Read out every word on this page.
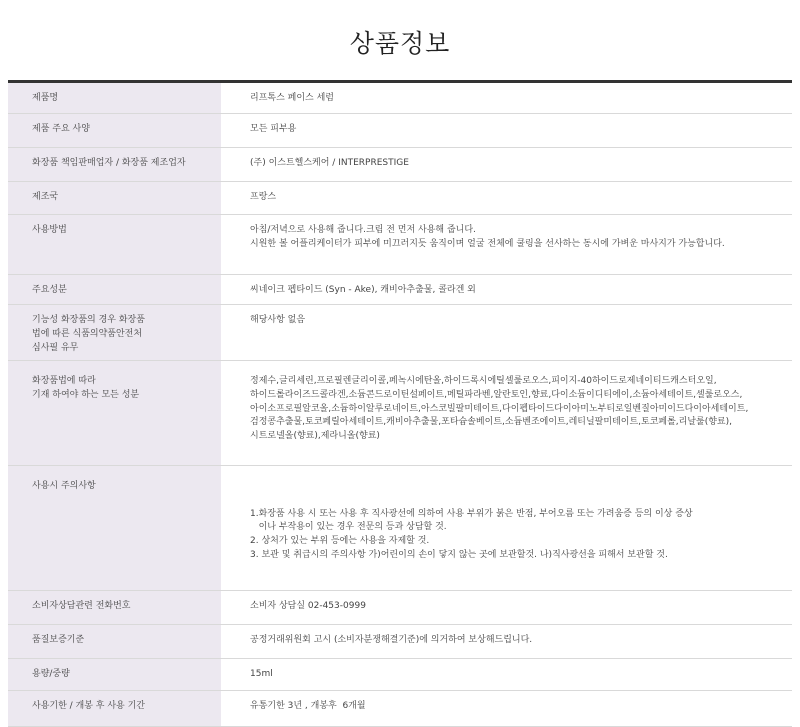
상품정보
제품명	리프톡스 페이스 세럼

제품 주요 사양	모든 피부용

화장품 책임판매업자 / 화장품 제조업자	(주) 이스트헬스케어 / INTERPRESTIGE

제조국	프랑스

사용방법	아침/저녁으로 사용해 줍니다.크림 전 먼저 사용해 줍니다.
시원한 볼 어플리케이터가 피부에 미끄러지듯 움직이며 얼굴 전체에 쿨링을 선사하는 동시에 가벼운 마사지가 가능합니다.

주요성분	씨네이크 펩타이드 (Syn - Ake), 캐비아추출물, 콜라겐 외

기능성 화장품의 경우 화장품
법에 따른 식품의약품안전처
심사필 유무	해당사항 없음

화장품법에 따라
기재 하여야 하는 모든 성분	정제수,글리세린,프로필렌글리이콜,페녹시에탄올,하이드록시에틸셀룰로오스,피이지-40하이드로제네이티드캐스터오일,
하이드롤라이즈드콜라겐,소듐콘드로이틴설페이트,메틸파라벤,알란토인,향료,다이소듐이디티에이,소듐아세테이트,셀룰로오스,
아이소프로필알코올,소듐하이알루로네이트,아스코빌팔미테이트,다이펩타이드다이아미노부티로일벤질아미이드다이아세테이트,
검정콩추출물,토코페릴아세테이트,캐비아추출물,포타슘솔베이트,소듐벤조에이트,레티닐팔미테이트,토코페롤,리날룰(향료),
시트로넬올(향료),제라니올(향료)

사용시 주의사항	1.화장품 사용 시 또는 사용 후 직사광선에 의하여 사용 부위가 붉은 반점, 부어오름 또는 가려움증 등의 이상 증상
이나 부작용이 있는 경우 전문의 등과 상담할 것.
2. 상처가 있는 부위 등에는 사용을 자제할 것.
3. 보관 및 취급시의 주의사항 가)어린이의 손이 닿지 않는 곳에 보관할것. 나)직사광선을 피해서 보관할 것.

소비자상담관련 전화번호	소비자 상담실 02-453-0999

품질보증기준	공정거래위원회 고시 (소비자분쟁해결기준)에 의거하여 보상해드립니다.

용량/중량	15ml

사용기한 / 개봉 후 사용 기간	유통기한 3년 , 개봉후  6개월
